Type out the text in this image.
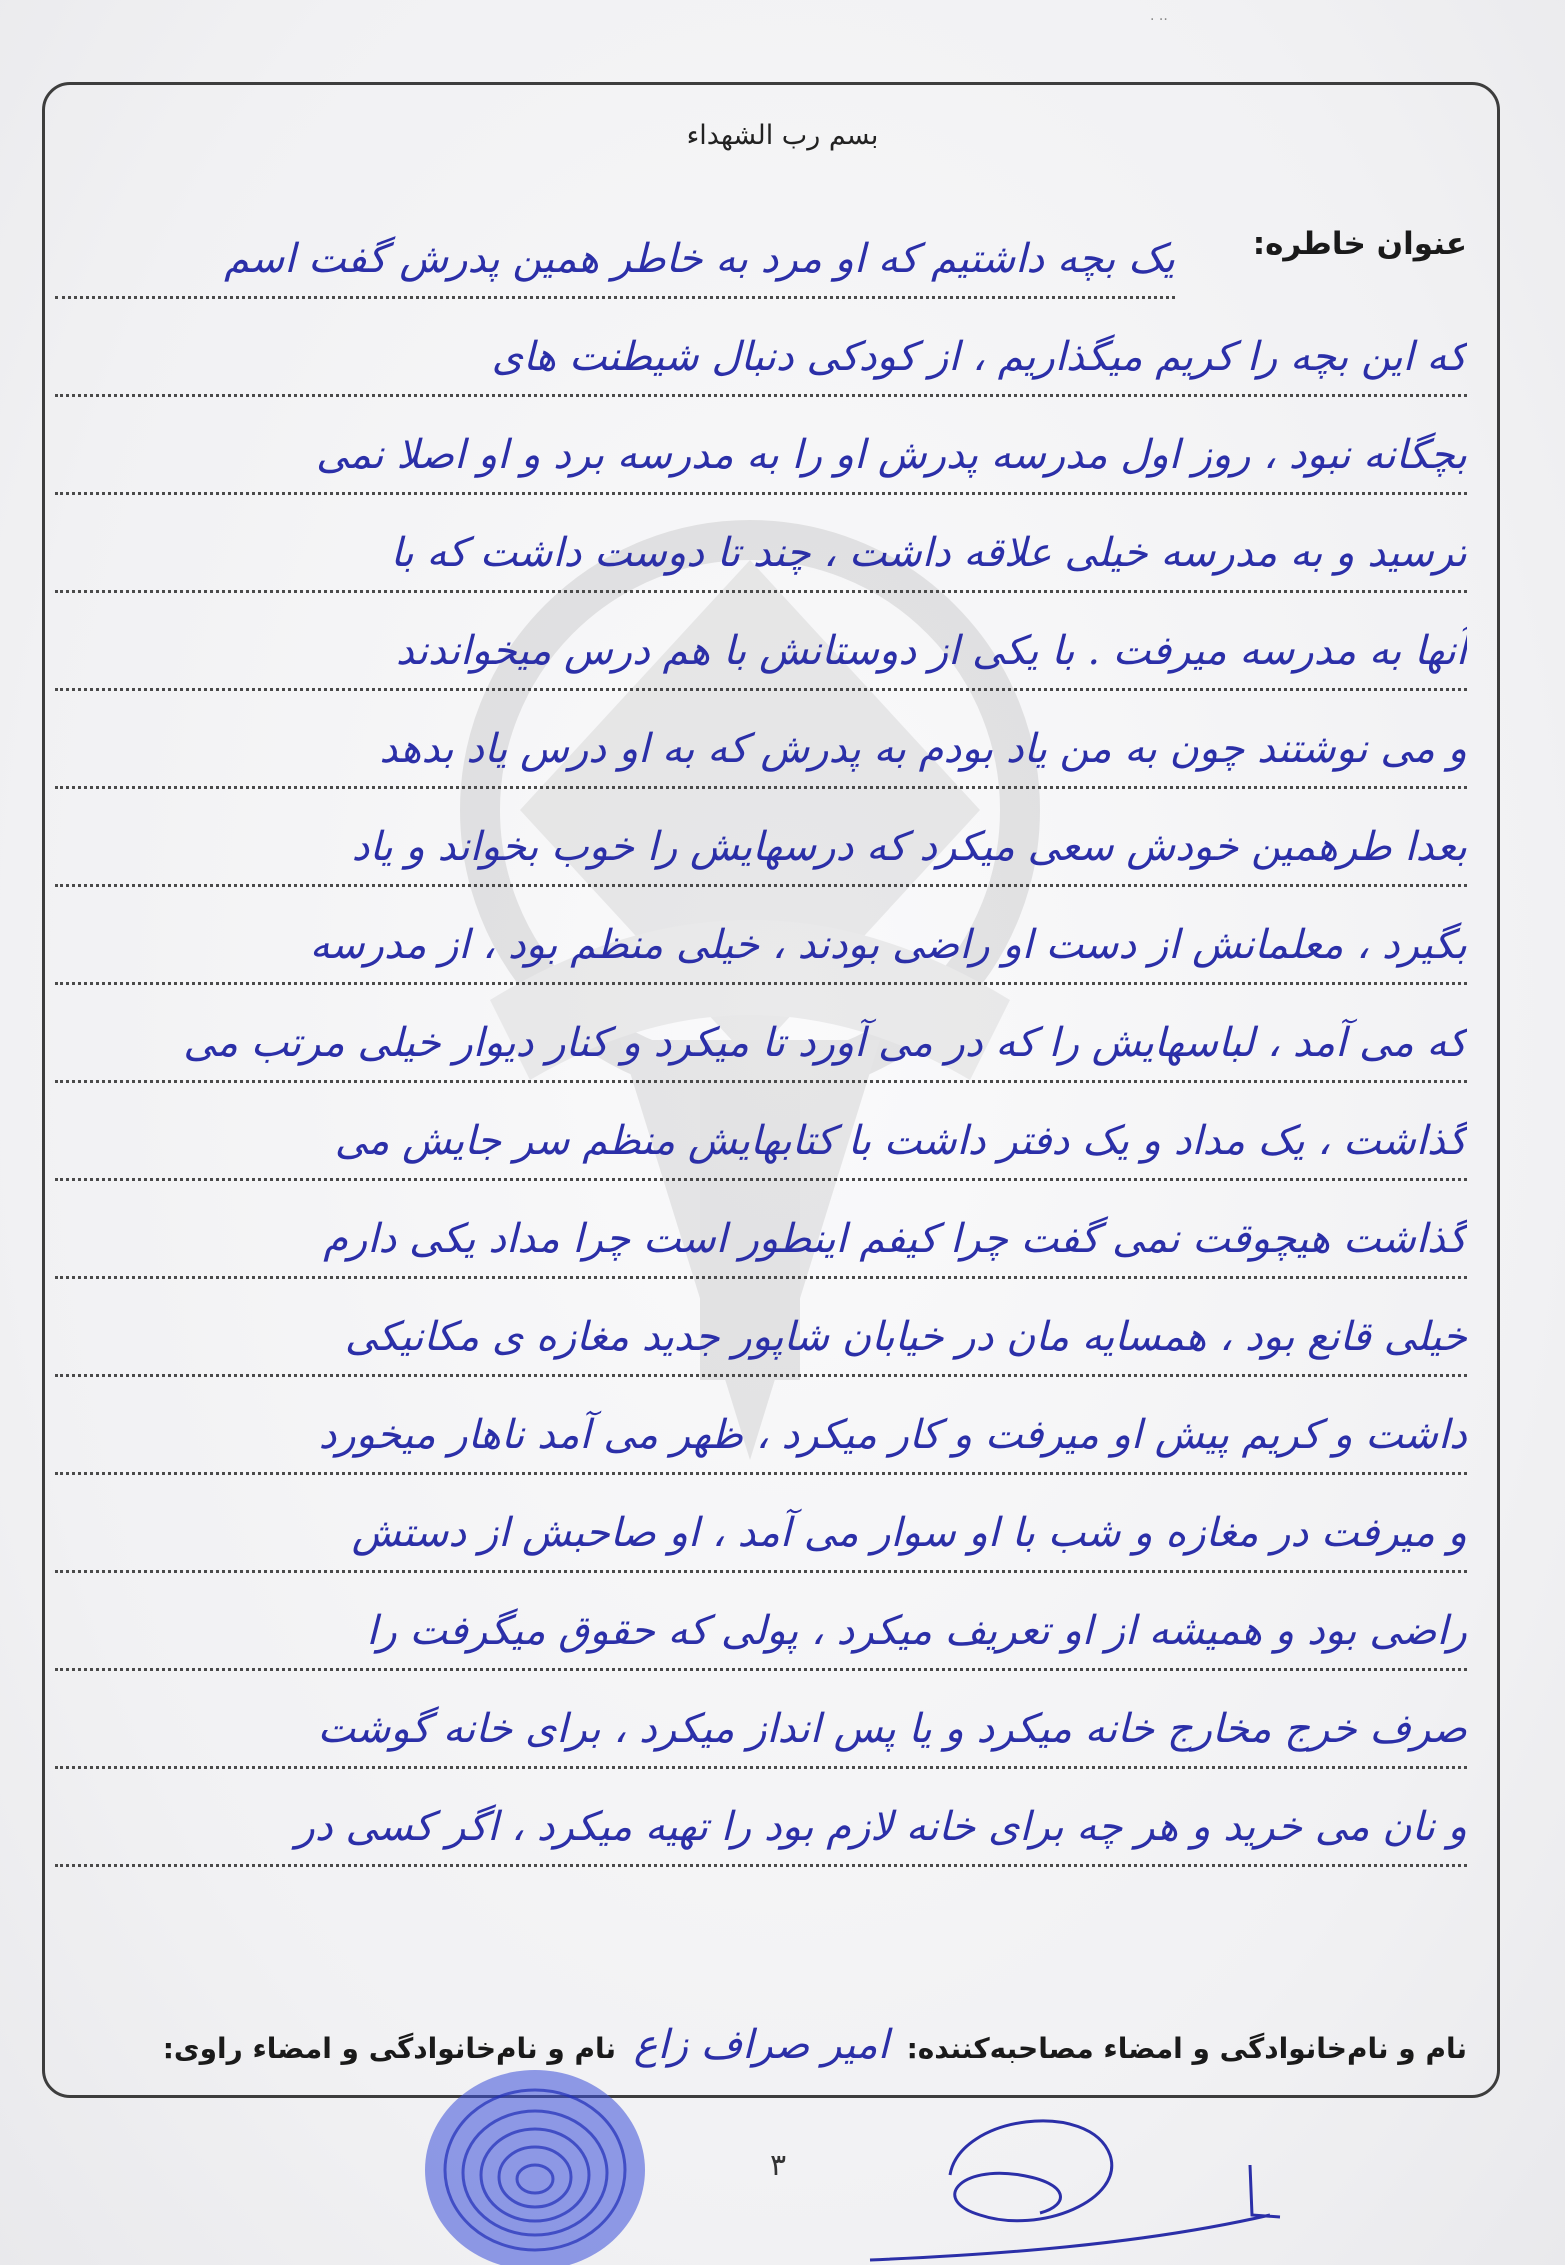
· ··
بسم رب الشهداء
عنوان خاطره:
یک بچه داشتیم که او مرد به خاطر همین پدرش گفت اسم
که این بچه را کریم میگذاریم ، از کودکی دنبال شیطنت های
بچگانه نبود ، روز اول مدرسه پدرش او را به مدرسه برد و او اصلا نمی
ترسید و به مدرسه خیلی علاقه داشت ، چند تا دوست داشت که با
آنها به مدرسه میرفت . با یکی از دوستانش با هم درس میخواندند
و می نوشتند چون به من یاد بودم به پدرش که به او درس یاد بدهد
بعدا طرهمین خودش سعی میکرد که درسهایش را خوب بخواند و یاد
بگیرد ، معلمانش از دست او راضی بودند ، خیلی منظم بود ، از مدرسه
که می آمد ، لباسهایش را که در می آورد تا میکرد و کنار دیوار خیلی مرتب می
گذاشت ، یک مداد و یک دفتر داشت با کتابهایش منظم سر جایش می
گذاشت هیچوقت نمی گفت چرا کیفم اینطور است چرا مداد یکی دارم
خیلی قانع بود ، همسایه مان در خیابان شاپور جدید مغازه ی مکانیکی
داشت و کریم پیش او میرفت و کار میکرد ، ظهر می آمد ناهار میخورد
و میرفت در مغازه و شب با او سوار می آمد ، او صاحبش از دستش
راضی بود و همیشه از او تعریف میکرد ، پولی که حقوق میگرفت را
صرف خرج مخارج خانه میکرد و یا پس انداز میکرد ، برای خانه گوشت
و نان می خرید و هر چه برای خانه لازم بود را تهیه میکرد ، اگر کسی در
نام و نام‌خانوادگی و امضاء مصاحبه‌کننده: امیر صراف زاع نام و نام‌خانوادگی و امضاء راوی:
۳
